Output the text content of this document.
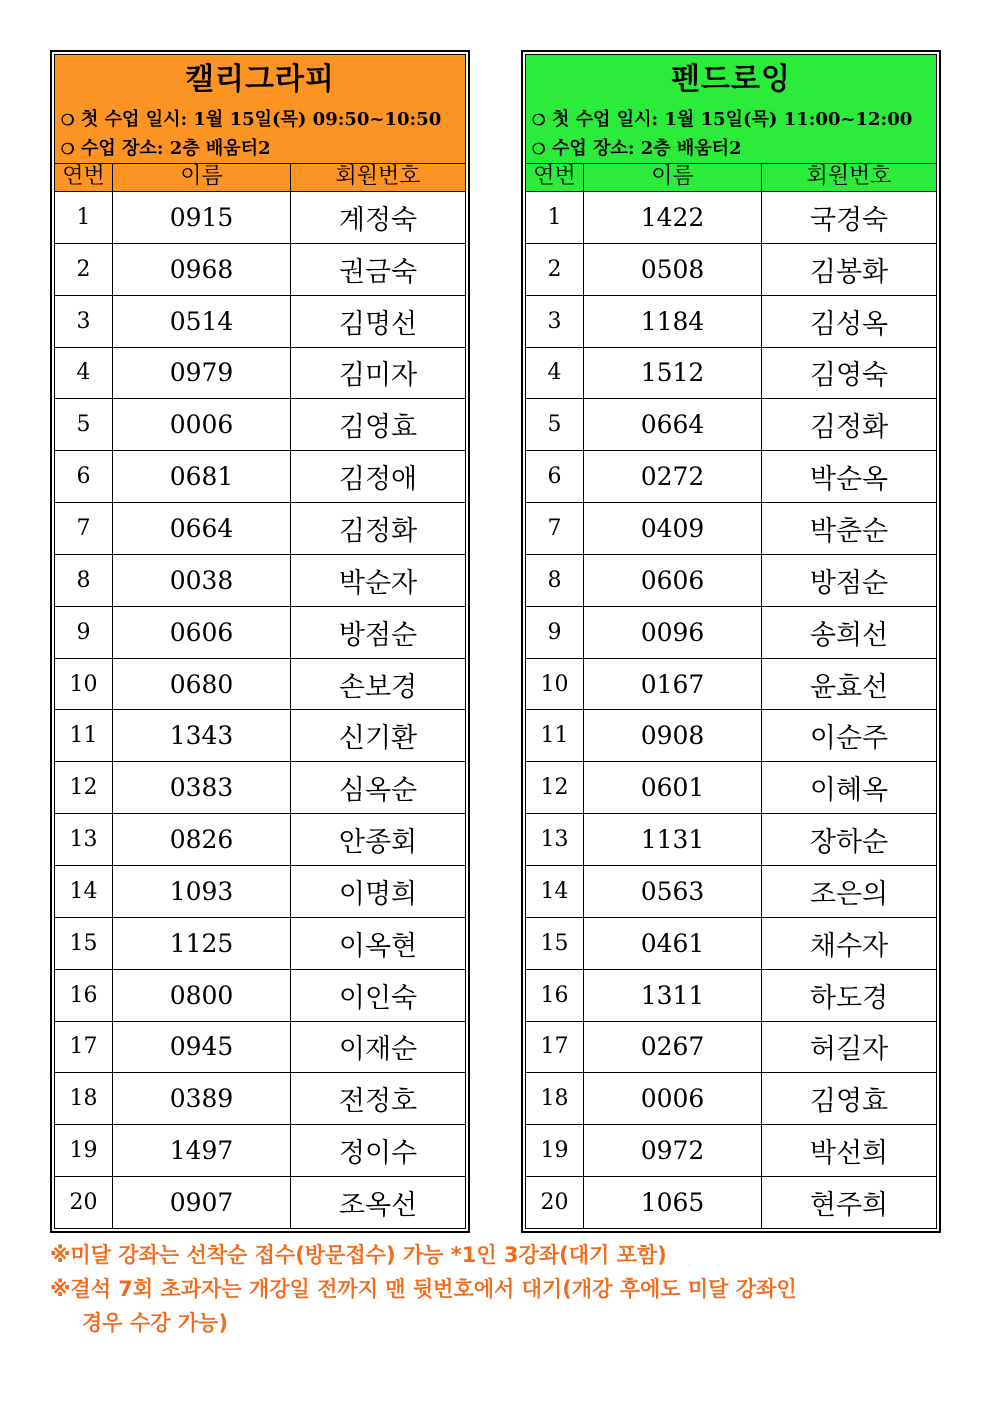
캘리그라피
❍ 첫 수업 일시: 1월 15일(목) 09:50~10:50
❍ 수업 장소: 2층 배움터2
연번	이름	회원번호
1	0915	계정숙
2	0968	권금숙
3	0514	김명선
4	0979	김미자
5	0006	김영효
6	0681	김정애
7	0664	김정화
8	0038	박순자
9	0606	방점순
10	0680	손보경
11	1343	신기환
12	0383	심옥순
13	0826	안종회
14	1093	이명희
15	1125	이옥현
16	0800	이인숙
17	0945	이재순
18	0389	전정호
19	1497	정이수
20	0907	조옥선
펜드로잉
❍ 첫 수업 일시: 1월 15일(목) 11:00~12:00
❍ 수업 장소: 2층 배움터2
연번	이름	회원번호
1	1422	국경숙
2	0508	김봉화
3	1184	김성옥
4	1512	김영숙
5	0664	김정화
6	0272	박순옥
7	0409	박춘순
8	0606	방점순
9	0096	송희선
10	0167	윤효선
11	0908	이순주
12	0601	이혜옥
13	1131	장하순
14	0563	조은의
15	0461	채수자
16	1311	하도경
17	0267	허길자
18	0006	김영효
19	0972	박선희
20	1065	현주희
※미달 강좌는 선착순 접수(방문접수) 가능 *1인 3강좌(대기 포함)
※결석 7회 초과자는 개강일 전까지 맨 뒷번호에서 대기(개강 후에도 미달 강좌인
경우 수강 가능)
